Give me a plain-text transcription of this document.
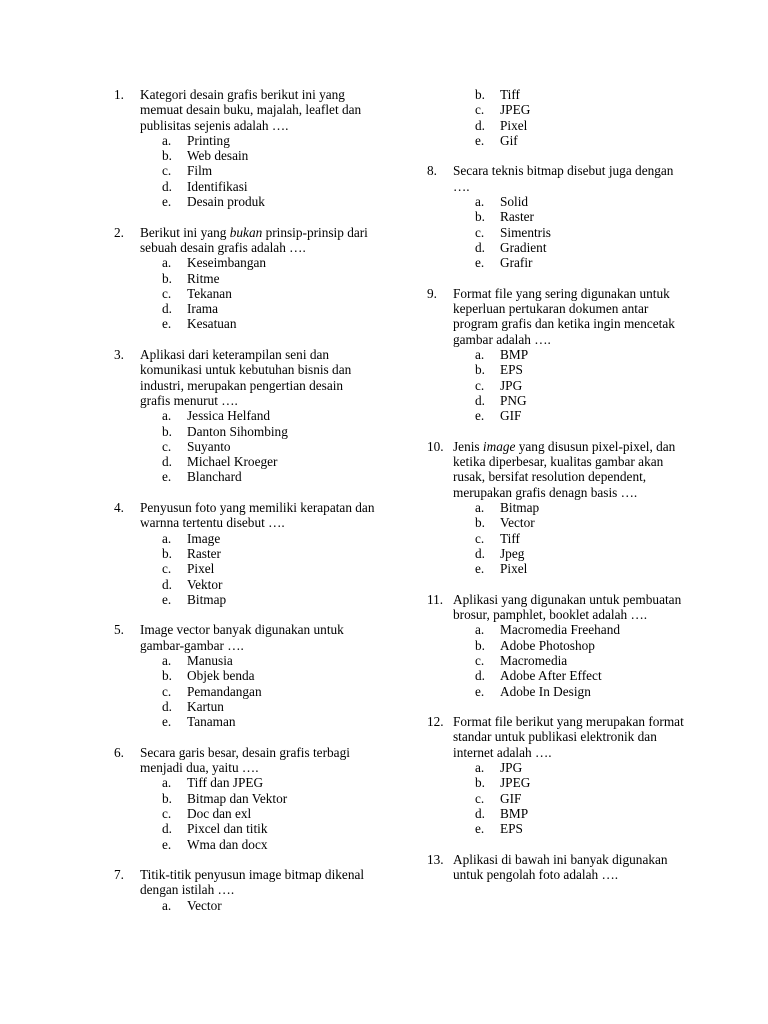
1. Kategori desain grafis berikut ini yang memuat desain buku, majalah, leaflet dan publisitas sejenis adalah ….
a. Printing
b. Web desain
c. Film
d. Identifikasi
e. Desain produk
2. Berikut ini yang bukan prinsip-prinsip dari sebuah desain grafis adalah ….
a. Keseimbangan
b. Ritme
c. Tekanan
d. Irama
e. Kesatuan
3. Aplikasi dari keterampilan seni dan komunikasi untuk kebutuhan bisnis dan industri, merupakan pengertian desain grafis menurut ….
a. Jessica Helfand
b. Danton Sihombing
c. Suyanto
d. Michael Kroeger
e. Blanchard
4. Penyusun foto yang memiliki kerapatan dan warnna tertentu disebut ….
a. Image
b. Raster
c. Pixel
d. Vektor
e. Bitmap
5. Image vector banyak digunakan untuk gambar-gambar ….
a. Manusia
b. Objek benda
c. Pemandangan
d. Kartun
e. Tanaman
6. Secara garis besar, desain grafis terbagi menjadi dua, yaitu ….
a. Tiff dan JPEG
b. Bitmap dan Vektor
c. Doc dan exl
d. Pixcel dan titik
e. Wma dan docx
7. Titik-titik penyusun image bitmap dikenal dengan istilah ….
a. Vector
b. Tiff
c. JPEG
d. Pixel
e. Gif
8. Secara teknis bitmap disebut juga dengan ….
a. Solid
b. Raster
c. Simentris
d. Gradient
e. Grafir
9. Format file yang sering digunakan untuk keperluan pertukaran dokumen antar program grafis dan ketika ingin mencetak gambar adalah ….
a. BMP
b. EPS
c. JPG
d. PNG
e. GIF
10. Jenis image yang disusun pixel-pixel, dan ketika diperbesar, kualitas gambar akan rusak, bersifat resolution dependent, merupakan grafis denagn basis ….
a. Bitmap
b. Vector
c. Tiff
d. Jpeg
e. Pixel
11. Aplikasi yang digunakan untuk pembuatan brosur, pamphlet, booklet adalah ….
a. Macromedia Freehand
b. Adobe Photoshop
c. Macromedia
d. Adobe After Effect
e. Adobe In Design
12. Format file berikut yang merupakan format standar untuk publikasi elektronik dan internet adalah ….
a. JPG
b. JPEG
c. GIF
d. BMP
e. EPS
13. Aplikasi di bawah ini banyak digunakan untuk pengolah foto adalah ….
